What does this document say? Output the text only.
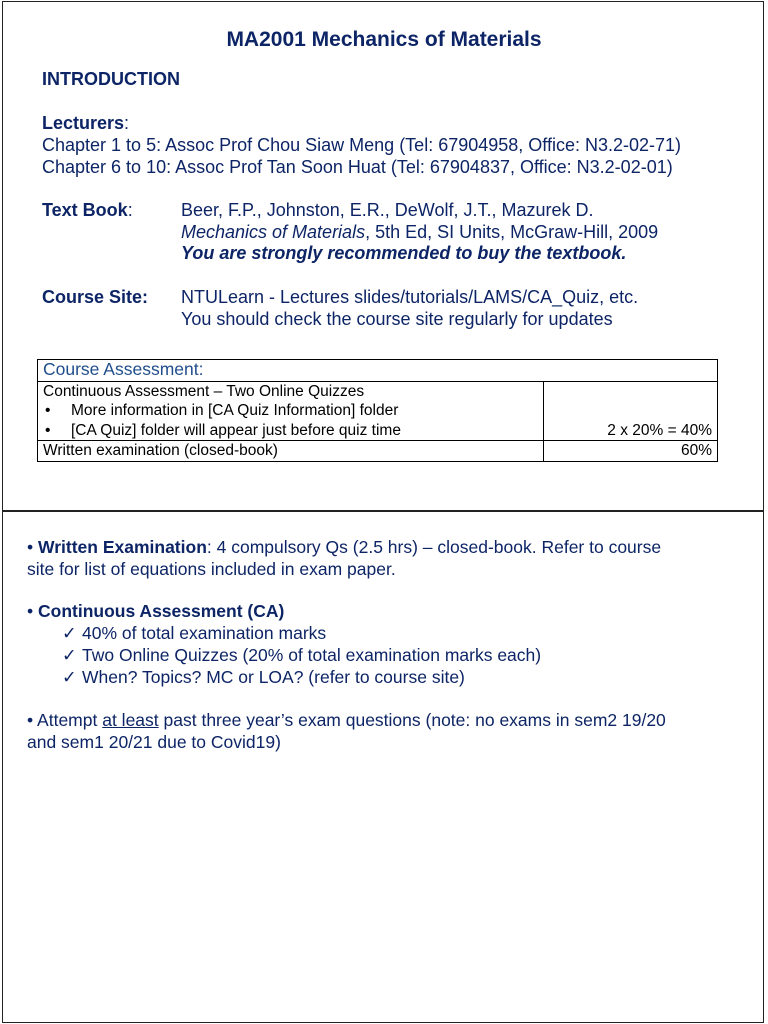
MA2001 Mechanics of Materials
INTRODUCTION
Lecturers:
Chapter 1 to 5: Assoc Prof Chou Siaw Meng (Tel: 67904958, Office: N3.2-02-71)
Chapter 6 to 10: Assoc Prof Tan Soon Huat (Tel: 67904837, Office: N3.2-02-01)
Text Book:	Beer, F.P., Johnston, E.R., DeWolf, J.T., Mazurek D.
Mechanics of Materials, 5th Ed, SI Units, McGraw-Hill, 2009
You are strongly recommended to buy the textbook.
Course Site: NTULearn - Lectures slides/tutorials/LAMS/CA_Quiz, etc.
You should check the course site regularly for updates
Course Assessment:	

Continuous Assessment – Two Online Quizzes
• More information in [CA Quiz Information] folder
• [CA Quiz] folder will appear just before quiz time	2 x 20% = 40%
Written examination (closed-book)	60%
• Written Examination: 4 compulsory Qs (2.5 hrs) – closed-book. Refer to course
site for list of equations included in exam paper.
• Continuous Assessment (CA)
✓ 40% of total examination marks
✓ Two Online Quizzes (20% of total examination marks each)
✓ When? Topics? MC or LOA? (refer to course site)
• Attempt at least past three year’s exam questions (note: no exams in sem2 19/20
and sem1 20/21 due to Covid19)
